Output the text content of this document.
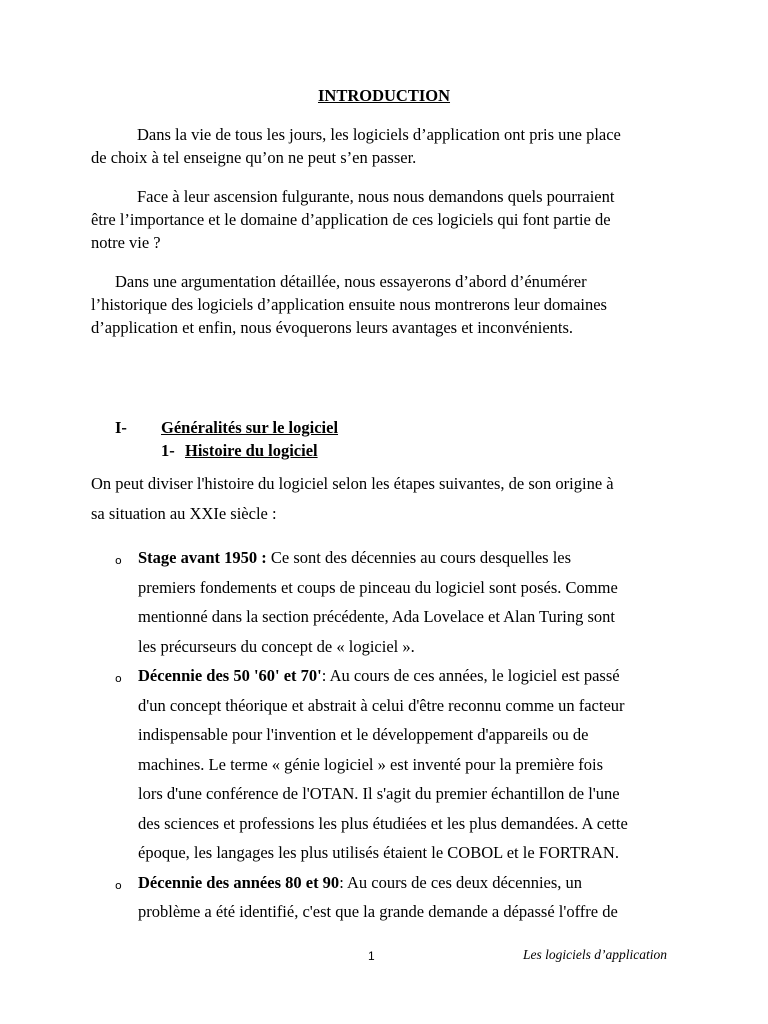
INTRODUCTION
Dans la vie de tous les jours, les logiciels d’application ont pris une place
de choix à tel enseigne qu’on ne peut s’en passer.
Face à leur ascension fulgurante, nous nous demandons quels pourraient
être l’importance et le domaine d’application de ces logiciels qui font partie de
notre vie ?
Dans une argumentation détaillée, nous essayerons d’abord d’énumérer
l’historique des logiciels d’application ensuite nous montrerons leur domaines
d’application et enfin, nous évoquerons leurs avantages et inconvénients.
I- Généralités sur le logiciel
1- Histoire du logiciel
On peut diviser l'histoire du logiciel selon les étapes suivantes, de son origine à
sa situation au XXIe siècle :
o Stage avant 1950 : Ce sont des décennies au cours desquelles les
premiers fondements et coups de pinceau du logiciel sont posés. Comme
mentionné dans la section précédente, Ada Lovelace et Alan Turing sont
les précurseurs du concept de « logiciel ».
o Décennie des 50 '60' et 70': Au cours de ces années, le logiciel est passé
d'un concept théorique et abstrait à celui d'être reconnu comme un facteur
indispensable pour l'invention et le développement d'appareils ou de
machines. Le terme « génie logiciel » est inventé pour la première fois
lors d'une conférence de l'OTAN. Il s'agit du premier échantillon de l'une
des sciences et professions les plus étudiées et les plus demandées. A cette
époque, les langages les plus utilisés étaient le COBOL et le FORTRAN.
o Décennie des années 80 et 90: Au cours de ces deux décennies, un
problème a été identifié, c'est que la grande demande a dépassé l'offre de
1	Les logiciels d’application
